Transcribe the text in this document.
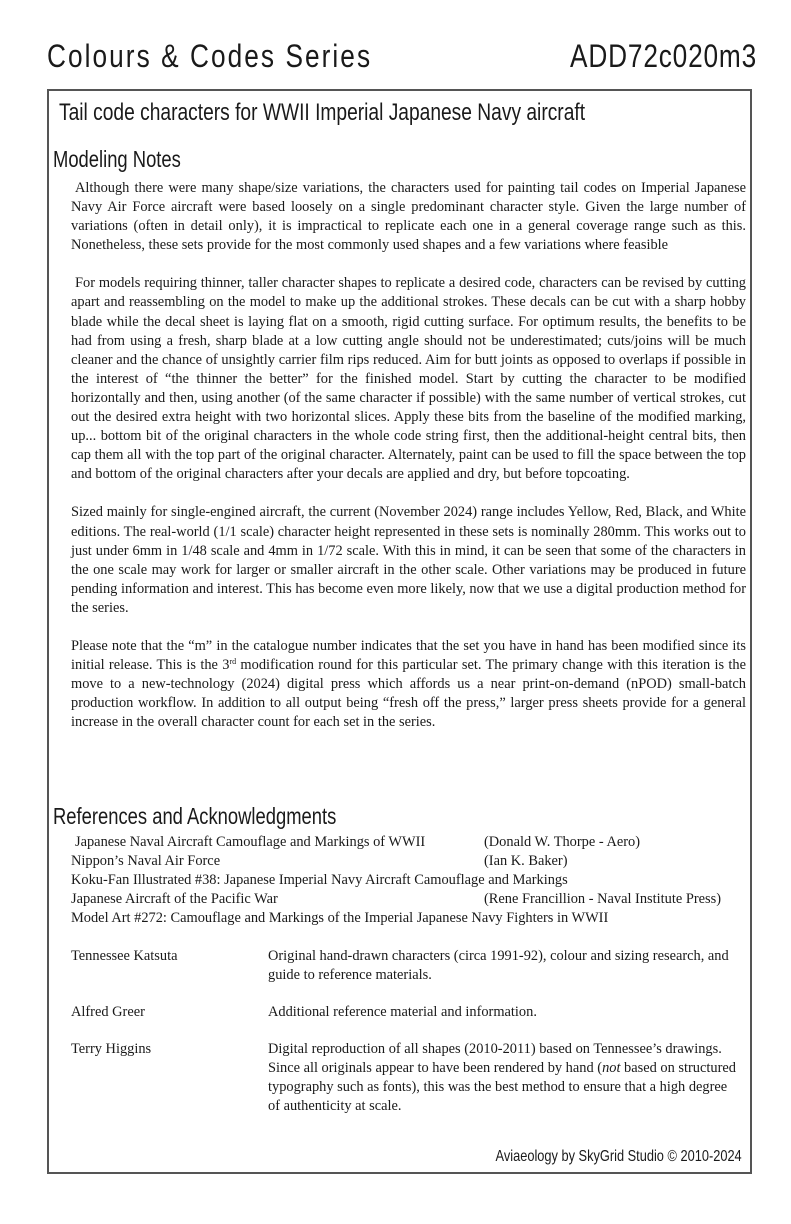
Colours & Codes Series	ADD72c020m3
Tail code characters for WWII Imperial Japanese Navy aircraft
Modeling Notes

Although there were many shape/size variations, the characters used for painting tail codes on Imperial Japanese Navy Air Force aircraft were based loosely on a single predominant character style. Given the large number of variations (often in detail only), it is impractical to replicate each one in a general coverage range such as this. Nonetheless, these sets provide for the most commonly used shapes and a few variations where feasible

For models requiring thinner, taller character shapes to replicate a desired code, characters can be revised by cutting apart and reassembling on the model to make up the additional strokes. These decals can be cut with a sharp hobby blade while the decal sheet is laying flat on a smooth, rigid cutting surface. For optimum results, the benefits to be had from using a fresh, sharp blade at a low cutting angle should not be underestimated; cuts/joins will be much cleaner and the chance of unsightly carrier film rips reduced. Aim for butt joints as opposed to overlaps if possible in the interest of “the thinner the better” for the finished model. Start by cutting the character to be modified horizontally and then, using another (of the same character if possible) with the same number of vertical strokes, cut out the desired extra height with two horizontal slices. Apply these bits from the baseline of the modified marking, up... bottom bit of the original characters in the whole code string first, then the additional-height central bits, then cap them all with the top part of the original character. Alternately, paint can be used to fill the space between the top and bottom of the original characters after your decals are applied and dry, but before topcoating.

Sized mainly for single-engined aircraft, the current (November 2024) range includes Yellow, Red, Black, and White editions. The real-world (1/1 scale) character height represented in these sets is nominally 280mm. This works out to just under 6mm in 1/48 scale and 4mm in 1/72 scale. With this in mind, it can be seen that some of the characters in the one scale may work for larger or smaller aircraft in the other scale. Other variations may be produced in future pending information and interest. This has become even more likely, now that we use a digital production method for the series.

Please note that the “m” in the catalogue number indicates that the set you have in hand has been modified since its initial release. This is the 3rd modification round for this particular set. The primary change with this iteration is the move to a new-technology (2024) digital press which affords us a near print-on-demand (nPOD) small-batch production workflow. In addition to all output being “fresh off the press,” larger press sheets provide for a general increase in the overall character count for each set in the series.

References and Acknowledgments
Japanese Naval Aircraft Camouflage and Markings of WWII	(Donald W. Thorpe - Aero)
Nippon’s Naval Air Force	(Ian K. Baker)
Koku-Fan Illustrated #38: Japanese Imperial Navy Aircraft Camouflage and Markings
Japanese Aircraft of the Pacific War	(Rene Francillion - Naval Institute Press)
Model Art #272: Camouflage and Markings of the Imperial Japanese Navy Fighters in WWII
Tennessee Katsuta	Original hand-drawn characters (circa 1991-92), colour and sizing research, and guide to reference materials.
Alfred Greer	Additional reference material and information.
Terry Higgins	Digital reproduction of all shapes (2010-2011) based on Tennessee’s drawings. Since all originals appear to have been rendered by hand (not based on structured typography such as fonts), this was the best method to ensure that a high degree of authenticity at scale.
Aviaeology by SkyGrid Studio © 2010-2024
